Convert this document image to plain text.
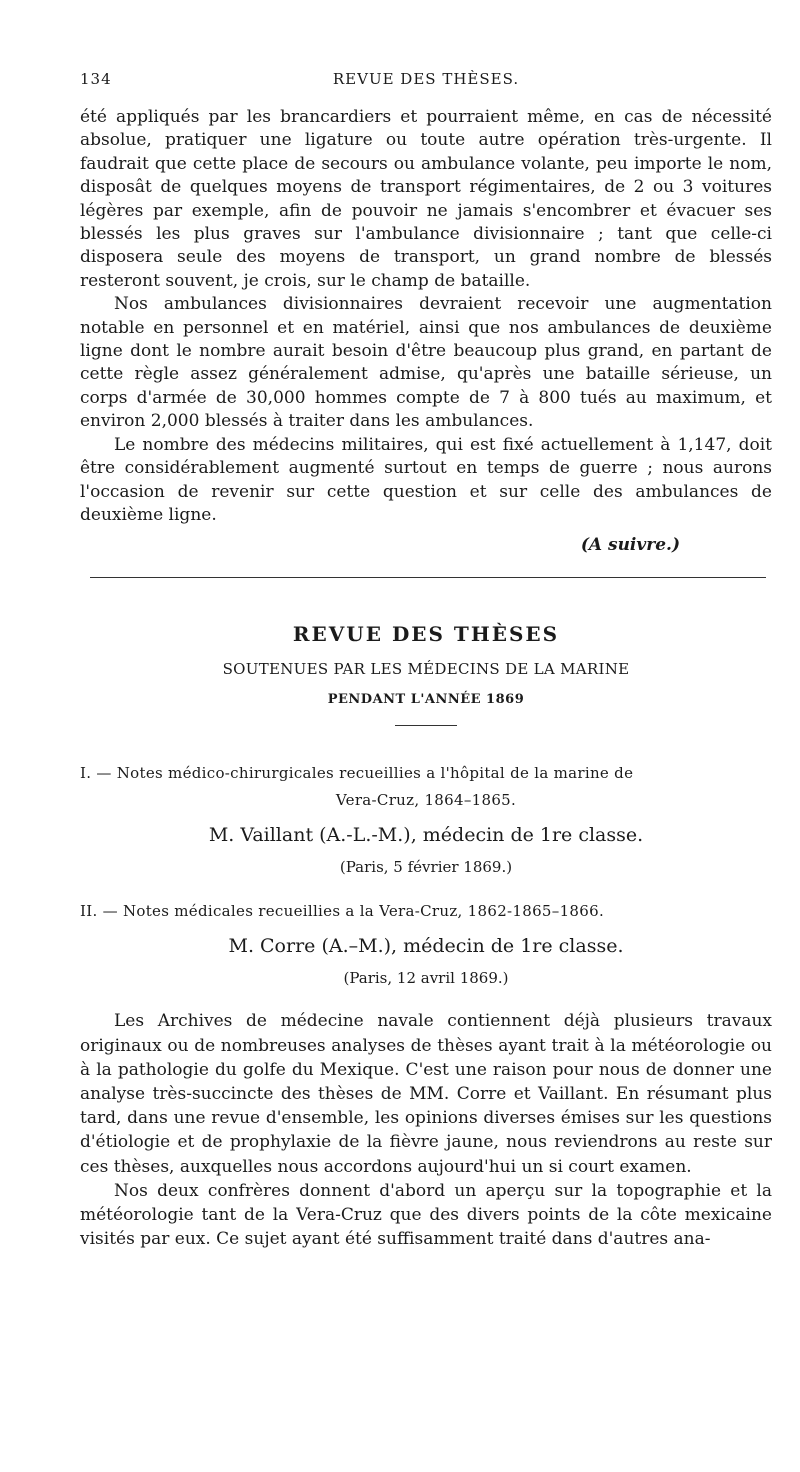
134	REVUE DES THÈSES.

été appliqués par les brancardiers et pourraient même, en cas de nécessité absolue, pratiquer une ligature ou toute autre opération très-urgente. Il faudrait que cette place de secours ou ambulance volante, peu importe le nom, disposât de quelques moyens de transport régimentaires, de 2 ou 3 voitures légères par exemple, afin de pouvoir ne jamais s'encombrer et évacuer ses blessés les plus graves sur l'ambulance divisionnaire ; tant que celle-ci disposera seule des moyens de transport, un grand nombre de blessés resteront souvent, je crois, sur le champ de bataille.

Nos ambulances divisionnaires devraient recevoir une augmentation notable en personnel et en matériel, ainsi que nos ambulances de deuxième ligne dont le nombre aurait besoin d'être beaucoup plus grand, en partant de cette règle assez généralement admise, qu'après une bataille sérieuse, un corps d'armée de 30,000 hommes compte de 7 à 800 tués au maximum, et environ 2,000 blessés à traiter dans les ambulances.

Le nombre des médecins militaires, qui est fixé actuellement à 1,147, doit être considérablement augmenté surtout en temps de guerre ; nous aurons l'occasion de revenir sur cette question et sur celle des ambulances de deuxième ligne.

(A suivre.)
REVUE DES THÈSES
SOUTENUES PAR LES MÉDECINS DE LA MARINE
PENDANT L'ANNÉE 1869
I. — Notes médico-chirurgicales recueillies a l'hôpital de la marine de
Vera-Cruz, 1864–1865.
M. Vaillant (A.-L.-M.), médecin de 1re classe.
(Paris, 5 février 1869.)
II. — Notes médicales recueillies a la Vera-Cruz, 1862-1865–1866.
M. Corre (A.–M.), médecin de 1re classe.
(Paris, 12 avril 1869.)

Les Archives de médecine navale contiennent déjà plusieurs travaux originaux ou de nombreuses analyses de thèses ayant trait à la météorologie ou à la pathologie du golfe du Mexique. C'est une raison pour nous de donner une analyse très-succincte des thèses de MM. Corre et Vaillant. En résumant plus tard, dans une revue d'ensemble, les opinions diverses émises sur les questions d'étiologie et de prophylaxie de la fièvre jaune, nous reviendrons au reste sur ces thèses, auxquelles nous accordons aujourd'hui un si court examen.

Nos deux confrères donnent d'abord un aperçu sur la topographie et la météorologie tant de la Vera-Cruz que des divers points de la côte mexicaine visités par eux. Ce sujet ayant été suffisamment traité dans d'autres ana-
